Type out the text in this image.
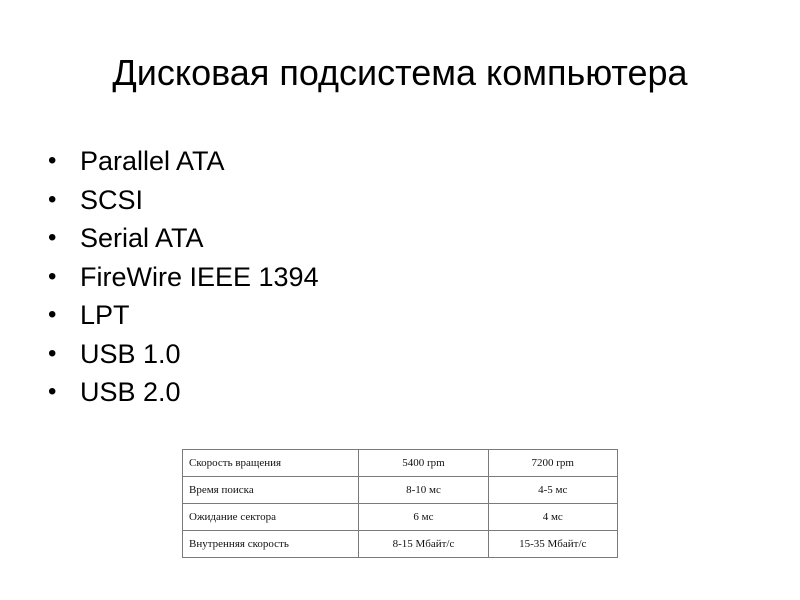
Дисковая подсистема компьютера
• Parallel ATA
• SCSI
• Serial ATA
• FireWire IEEE 1394
• LPT
• USB 1.0
• USB 2.0
Скорость вращения	5400 rpm	7200 rpm
Время поиска	8-10 мс	4-5 мс
Ожидание сектора	6 мс	4 мс
Внутренняя скорость	8-15 Мбайт/с	15-35 Мбайт/с
